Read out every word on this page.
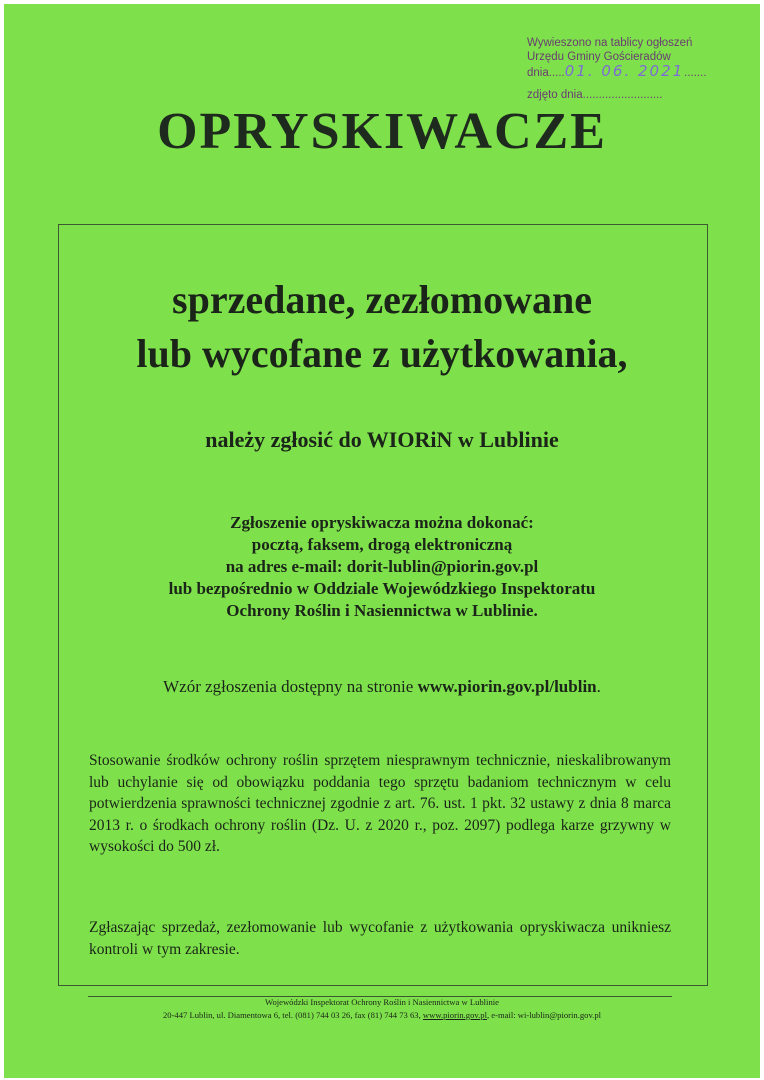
Wywieszono na tablicy ogłoszeń
Urzędu Gminy Gościeradów
dnia.....01. 06. 2021.......
zdjęto dnia.........................
OPRYSKIWACZE
sprzedane, zezłomowane
lub wycofane z użytkowania,
należy zgłosić do WIORiN w Lublinie
Zgłoszenie opryskiwacza można dokonać:
pocztą, faksem, drogą elektroniczną
na adres e-mail: dorit-lublin@piorin.gov.pl
lub bezpośrednio w Oddziale Wojewódzkiego Inspektoratu
Ochrony Roślin i Nasiennictwa w Lublinie.
Wzór zgłoszenia dostępny na stronie www.piorin.gov.pl/lublin.
Stosowanie środków ochrony roślin sprzętem niesprawnym technicznie, nieskalibrowanym lub uchylanie się od obowiązku poddania tego sprzętu badaniom technicznym w celu potwierdzenia sprawności technicznej zgodnie z art. 76. ust. 1 pkt. 32 ustawy z dnia 8 marca 2013 r. o środkach ochrony roślin (Dz. U. z 2020 r., poz. 2097) podlega karze grzywny w wysokości do 500 zł.
Zgłaszając sprzedaż, zezłomowanie lub wycofanie z użytkowania opryskiwacza unikniesz kontroli w tym zakresie.
Wojewódzki Inspektorat Ochrony Roślin i Nasiennictwa w Lublinie
20-447 Lublin, ul. Diamentowa 6, tel. (081) 744 03 26, fax (81) 744 73 63, www.piorin.gov.pl, e-mail: wi-lublin@piorin.gov.pl
